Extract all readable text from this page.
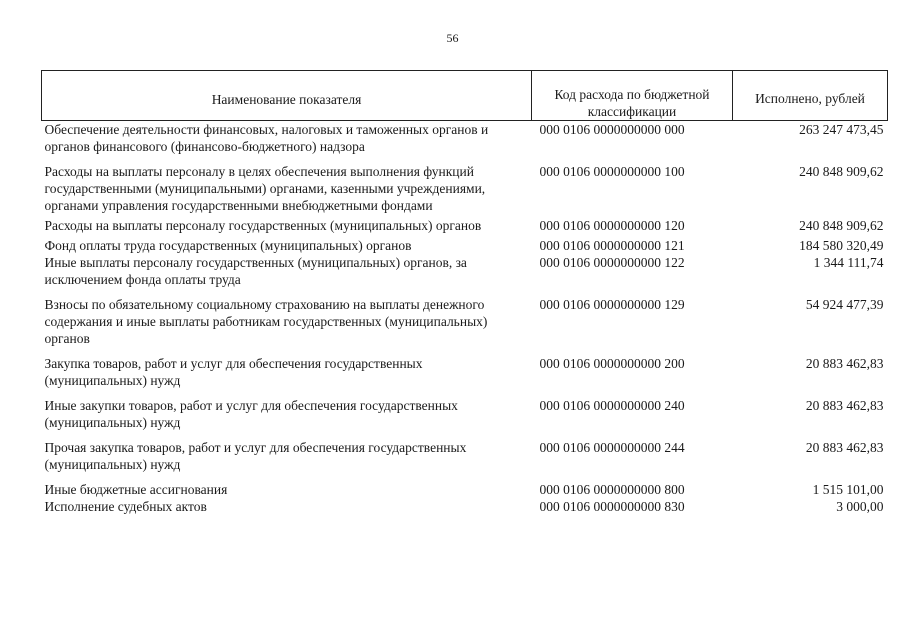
56
Наименование показателя	Код расхода по бюджетной классификации	Исполнено, рублей
Обеспечение деятельности финансовых, налоговых и таможенных органов и органов финансового (финансово-бюджетного) надзора	000 0106 0000000000 000	263 247 473,45
Расходы на выплаты персоналу в целях обеспечения выполнения функций государственными (муниципальными) органами, казенными учреждениями, органами управления государственными внебюджетными фондами	000 0106 0000000000 100	240 848 909,62
Расходы на выплаты персоналу государственных (муниципальных) органов	000 0106 0000000000 120	240 848 909,62
Фонд оплаты труда государственных (муниципальных) органов	000 0106 0000000000 121	184 580 320,49
Иные выплаты персоналу государственных (муниципальных) органов, за исключением фонда оплаты труда	000 0106 0000000000 122	1 344 111,74
Взносы по обязательному социальному страхованию на выплаты денежного содержания и иные выплаты работникам государственных (муниципальных) органов	000 0106 0000000000 129	54 924 477,39
Закупка товаров, работ и услуг для обеспечения государственных (муниципальных) нужд	000 0106 0000000000 200	20 883 462,83
Иные закупки товаров, работ и услуг для обеспечения государственных (муниципальных) нужд	000 0106 0000000000 240	20 883 462,83
Прочая закупка товаров, работ и услуг для обеспечения государственных (муниципальных) нужд	000 0106 0000000000 244	20 883 462,83
Иные бюджетные ассигнования	000 0106 0000000000 800	1 515 101,00
Исполнение судебных актов	000 0106 0000000000 830	3 000,00
